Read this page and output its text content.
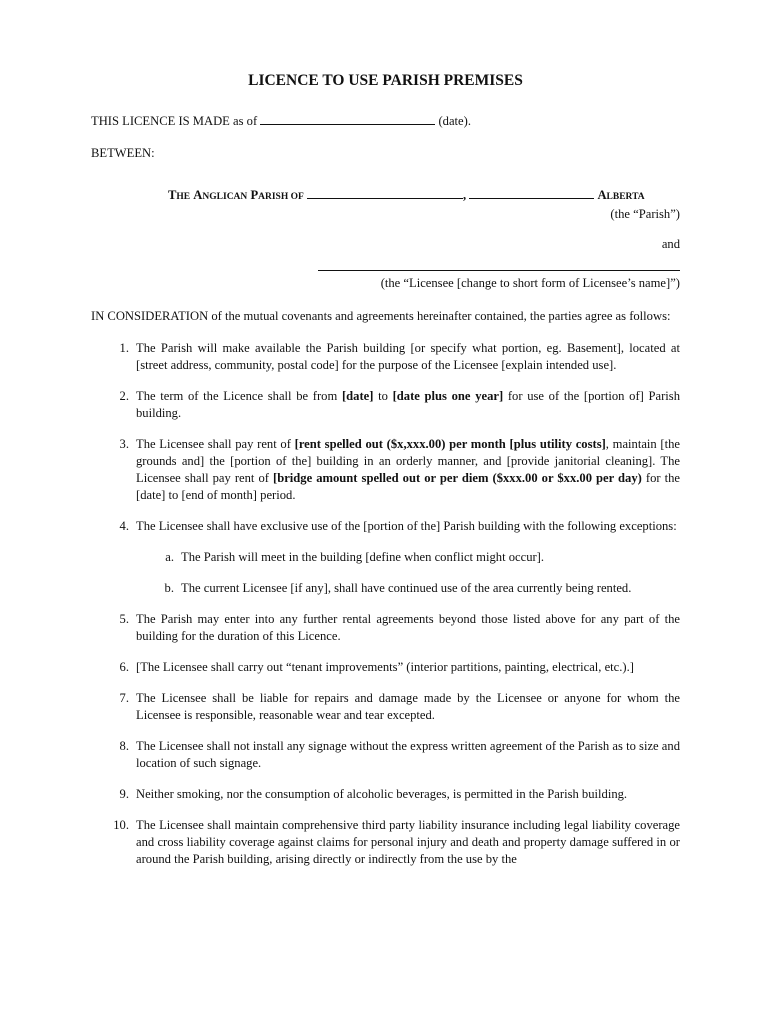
LICENCE TO USE PARISH PREMISES

THIS LICENCE IS MADE as of	(date).

BETWEEN:

THE ANGLICAN PARISH OF	,	ALBERTA

(the “Parish”)

and

(the “Licensee [change to short form of Licensee’s name]”)

IN CONSIDERATION of the mutual covenants and agreements hereinafter contained, the parties agree as follows:

1. The Parish will make available the Parish building [or specify what portion, eg. Basement], located at [street address, community, postal code] for the purpose of the Licensee [explain intended use].
2. The term of the Licence shall be from [date] to [date plus one year] for use of the [portion of] Parish building.
3. The Licensee shall pay rent of [rent spelled out ($x,xxx.00) per month [plus utility costs], maintain [the grounds and] the [portion of the] building in an orderly manner, and [provide janitorial cleaning]. The Licensee shall pay rent of [bridge amount spelled out or per diem ($xxx.00 or $xx.00 per day) for the [date] to [end of month] period.
4. The Licensee shall have exclusive use of the [portion of the] Parish building with the following exceptions:
a. The Parish will meet in the building [define when conflict might occur].
b. The current Licensee [if any], shall have continued use of the area currently being rented.
5. The Parish may enter into any further rental agreements beyond those listed above for any part of the building for the duration of this Licence.
6. [The Licensee shall carry out “tenant improvements” (interior partitions, painting, electrical, etc.).]
7. The Licensee shall be liable for repairs and damage made by the Licensee or anyone for whom the Licensee is responsible, reasonable wear and tear excepted.
8. The Licensee shall not install any signage without the express written agreement of the Parish as to size and location of such signage.
9. Neither smoking, nor the consumption of alcoholic beverages, is permitted in the Parish building.
10. The Licensee shall maintain comprehensive third party liability insurance including legal liability coverage and cross liability coverage against claims for personal injury and death and property damage suffered in or around the Parish building, arising directly or indirectly from the use by the
